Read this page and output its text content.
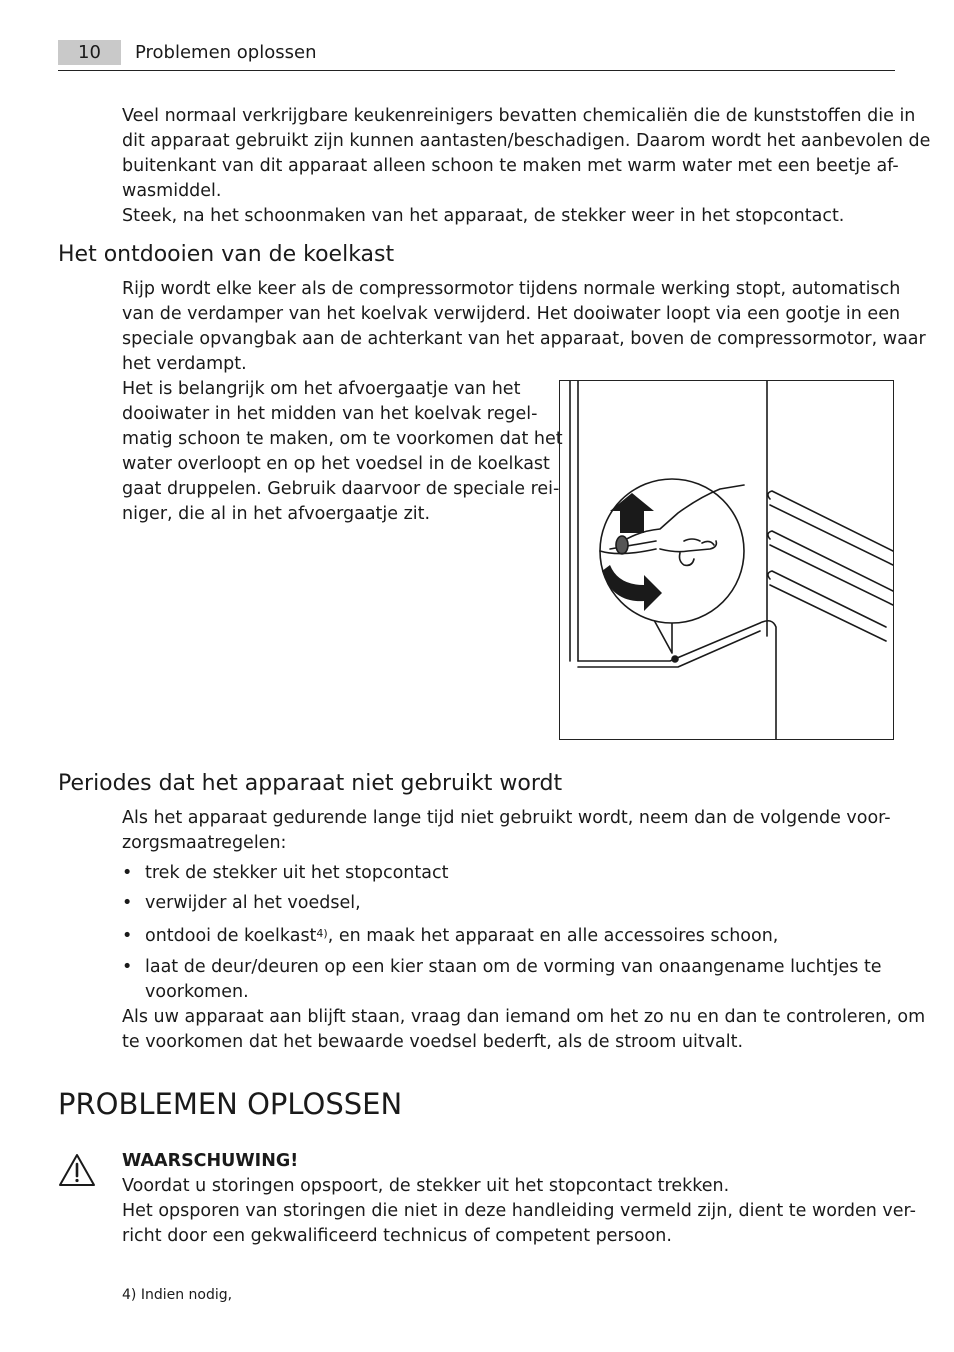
10	Problemen oplossen

Veel normaal verkrijgbare keukenreinigers bevatten chemicaliën die de kunststoffen die in

dit apparaat gebruikt zijn kunnen aantasten/beschadigen. Daarom wordt het aanbevolen de

buitenkant van dit apparaat alleen schoon te maken met warm water met een beetje af-

wasmiddel.

Steek, na het schoonmaken van het apparaat, de stekker weer in het stopcontact.

Het ontdooien van de koelkast

Rijp wordt elke keer als de compressormotor tijdens normale werking stopt, automatisch

van de verdamper van het koelvak verwijderd. Het dooiwater loopt via een gootje in een

speciale opvangbak aan de achterkant van het apparaat, boven de compressormotor, waar

het verdampt.

Het is belangrijk om het afvoergaatje van het

dooiwater in het midden van het koelvak regel-

matig schoon te maken, om te voorkomen dat het

water overloopt en op het voedsel in de koelkast

gaat druppelen. Gebruik daarvoor de speciale rei-

niger, die al in het afvoergaatje zit.

Periodes dat het apparaat niet gebruikt wordt

Als het apparaat gedurende lange tijd niet gebruikt wordt, neem dan de volgende voor-

zorgsmaatregelen:

• trek de stekker uit het stopcontact
• verwijder al het voedsel,
• ontdooi de koelkast$^{4)}$, en maak het apparaat en alle accessoires schoon,
• laat de deur/deuren op een kier staan om de vorming van onaangename luchtjes te
voorkomen.

Als uw apparaat aan blijft staan, vraag dan iemand om het zo nu en dan te controleren, om

te voorkomen dat het bewaarde voedsel bederft, als de stroom uitvalt.

PROBLEMEN OPLOSSEN

WAARSCHUWING!

Voordat u storingen opspoort, de stekker uit het stopcontact trekken.

Het opsporen van storingen die niet in deze handleiding vermeld zijn, dient te worden ver-

richt door een gekwalificeerd technicus of competent persoon.

4) Indien nodig,
